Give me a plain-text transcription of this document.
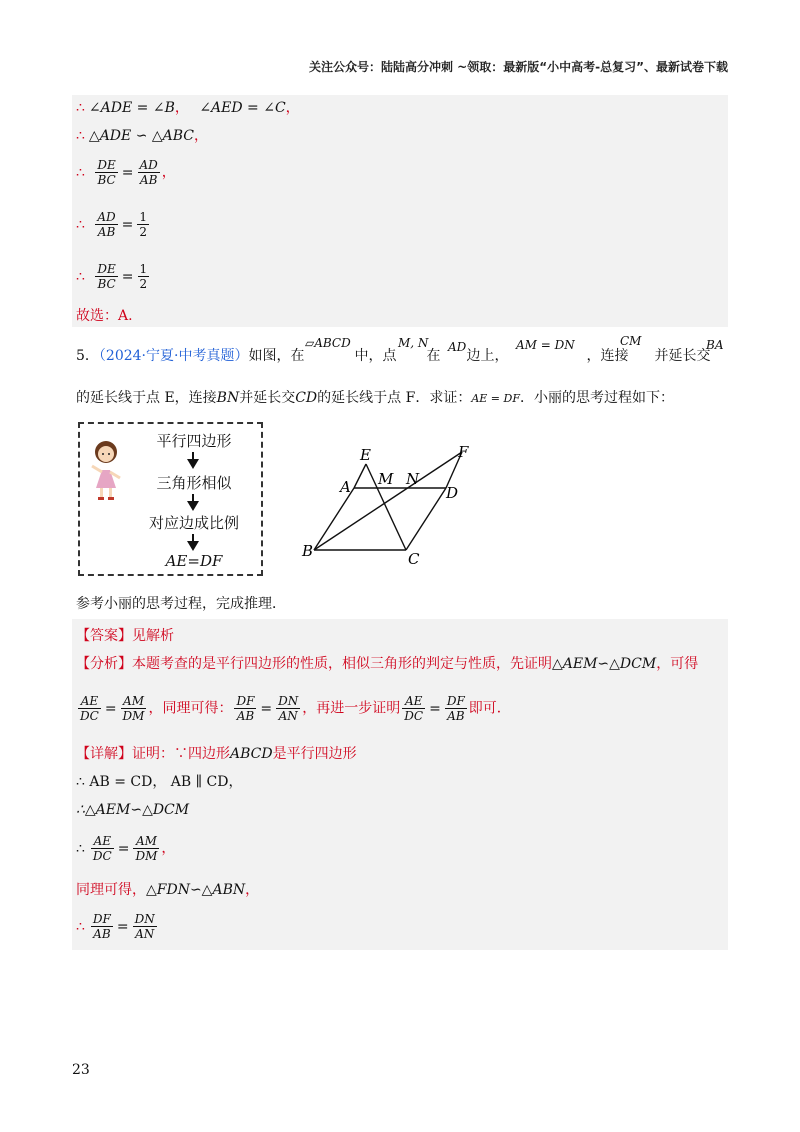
关注公众号：陆陆高分冲刺 ~领取：最新版“小中高考-总复习”、最新试卷下载
∴ ∠ADE = ∠B， ∠AED = ∠C，
∴ △ADE ∽ △ABC，
∴ $\frac{DE}{BC} = \frac{AD}{AB}$ ，
∴ $\frac{AD}{AB} = \frac{1}{2}$
∴ $\frac{DE}{BC} = \frac{1}{2}$
故选：A.
5．（2024·宁夏·中考真题）如图，在	中，点 在 边上，	，连接 并延长交
▱ABCD	M, N AD	AM = DN	CM	BA
的延长线于点 E，连接BN并延长交CD的延长线于点 F．求证：AE = DF．小丽的思考过程如下：
平行四边形
三角形相似
对应边成比例
AE=DF
E	F
A M N
D
B	C
参考小丽的思考过程，完成推理．
【答案】见解析
【分析】本题考查的是平行四边形的性质，相似三角形的判定与性质，先证明△AEM∽△DCM，可得
$\frac{AE}{DC} = \frac{AM}{DM}$ ，同理可得： $\frac{DF}{AB} = \frac{DN}{AN}$ ，再进一步证明 $\frac{AE}{DC} = \frac{DF}{AB}$ 即可．
【详解】证明：∵四边形ABCD是平行四边形
∴ AB = CD， AB ∥ CD，
∴△AEM∽△DCM
∴ $\frac{AE}{DC} = \frac{AM}{DM}$ ，
同理可得，△FDN∽△ABN，
∴ $\frac{DF}{AB} = \frac{DN}{AN}$
23
